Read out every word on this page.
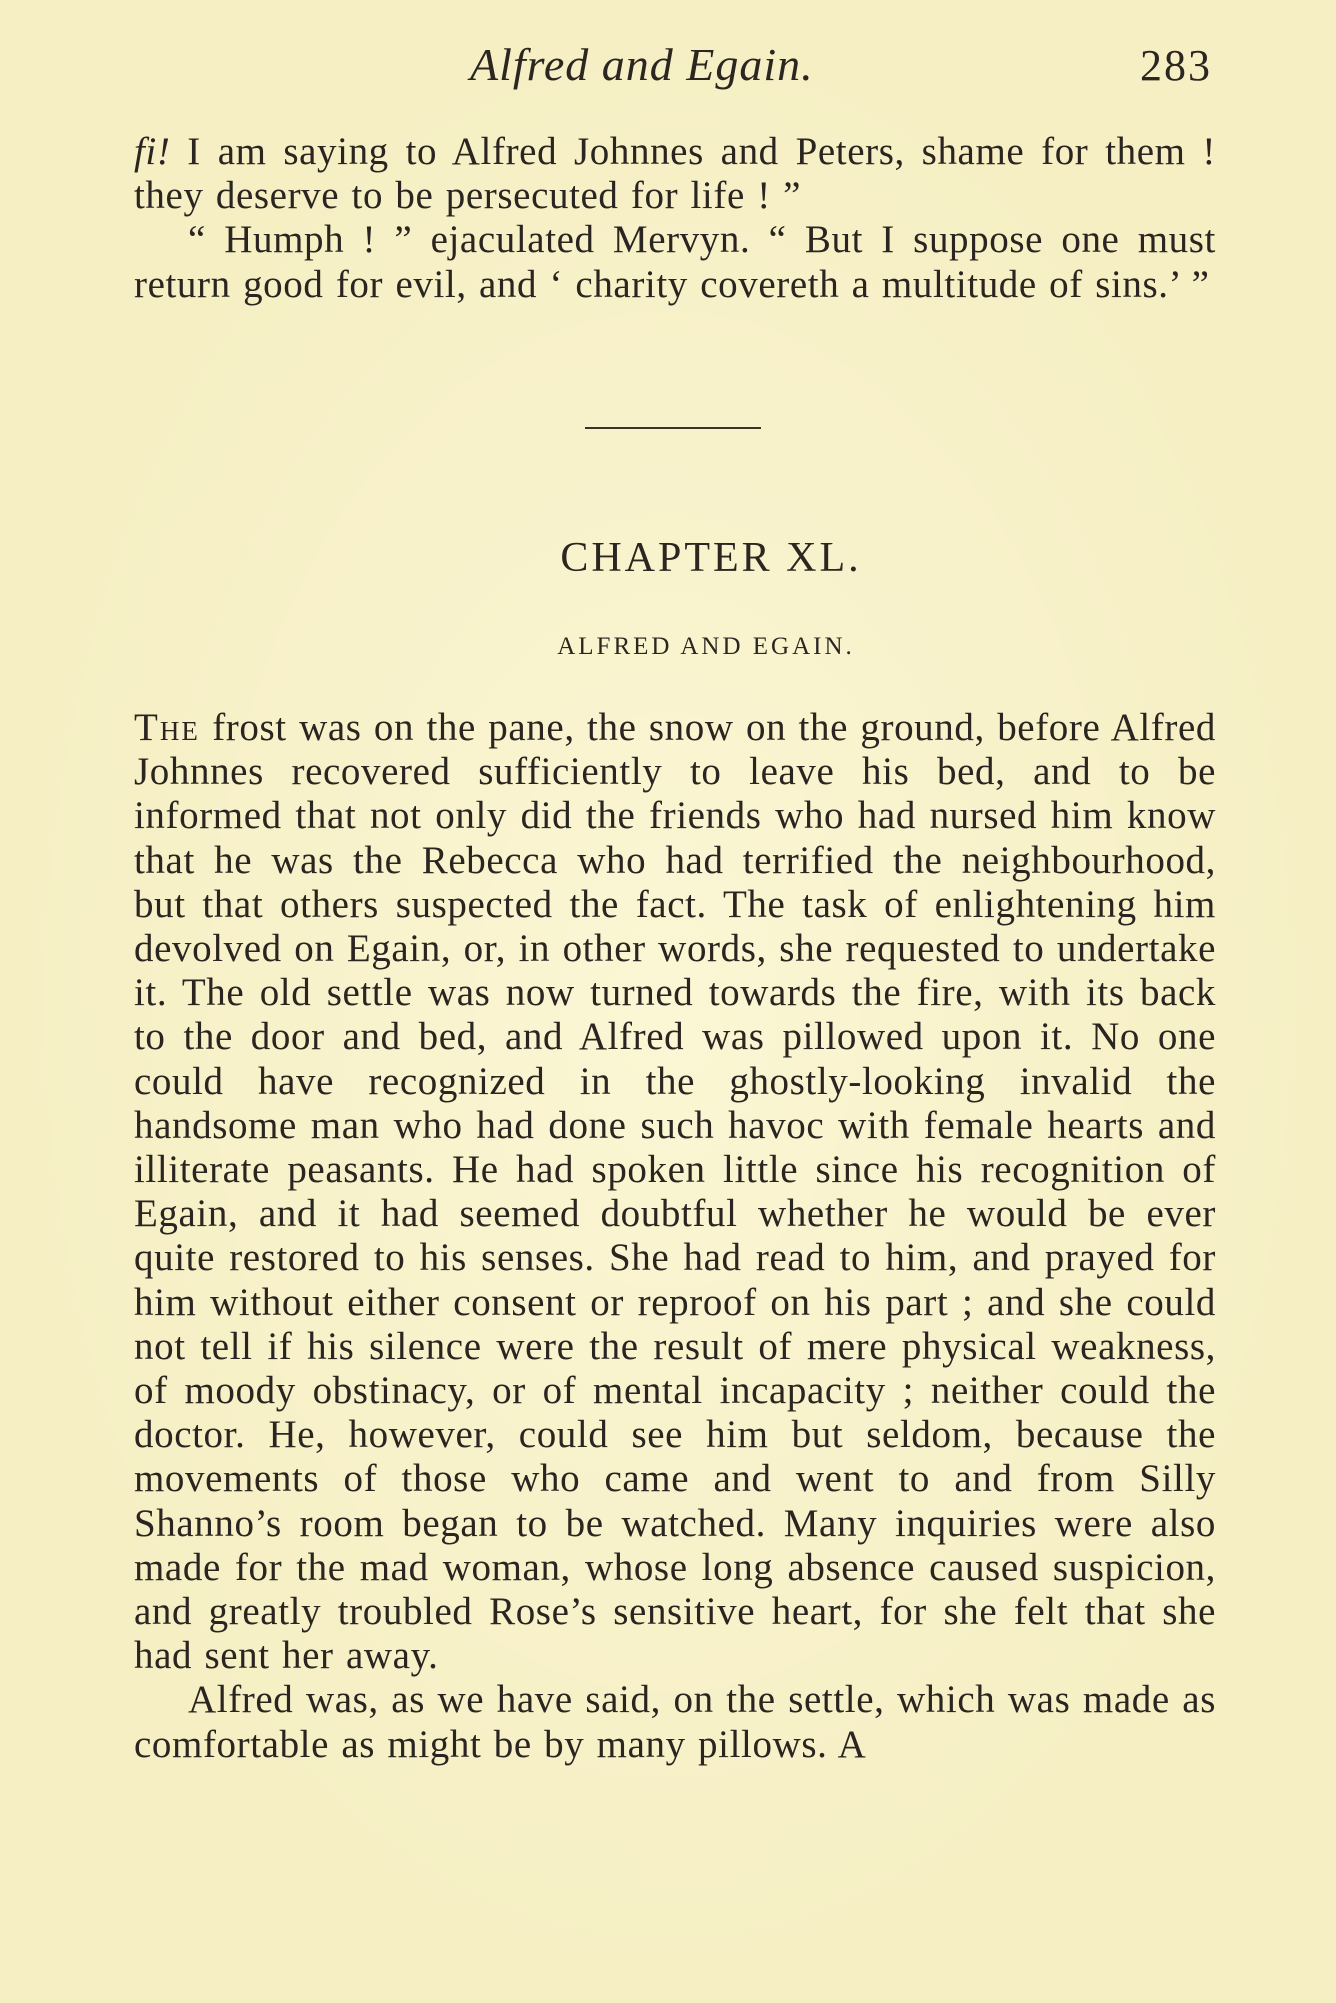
Alfred and Egain.	283

fi! I am saying to Alfred Johnnes and Peters, shame for them ! they deserve to be persecuted for life ! ”

“ Humph ! ” ejaculated Mervyn. “ But I suppose one must return good for evil, and ‘ charity covereth a multitude of sins.’ ”

CHAPTER XL.
ALFRED AND EGAIN.

The frost was on the pane, the snow on the ground, before Alfred Johnnes recovered sufficiently to leave his bed, and to be informed that not only did the friends who had nursed him know that he was the Rebecca who had terrified the neighbourhood, but that others suspected the fact. The task of enlightening him devolved on Egain, or, in other words, she requested to undertake it. The old settle was now turned towards the fire, with its back to the door and bed, and Alfred was pillowed upon it. No one could have recognized in the ghostly-looking invalid the handsome man who had done such havoc with female hearts and illiterate peasants. He had spoken little since his recognition of Egain, and it had seemed doubtful whether he would be ever quite restored to his senses. She had read to him, and prayed for him without either consent or reproof on his part ; and she could not tell if his silence were the result of mere physical weakness, of moody obstinacy, or of mental incapacity ; neither could the doctor. He, however, could see him but seldom, because the movements of those who came and went to and from Silly Shanno’s room began to be watched. Many inquiries were also made for the mad woman, whose long absence caused suspicion, and greatly troubled Rose’s sensitive heart, for she felt that she had sent her away.

Alfred was, as we have said, on the settle, which was made as comfortable as might be by many pillows. A
